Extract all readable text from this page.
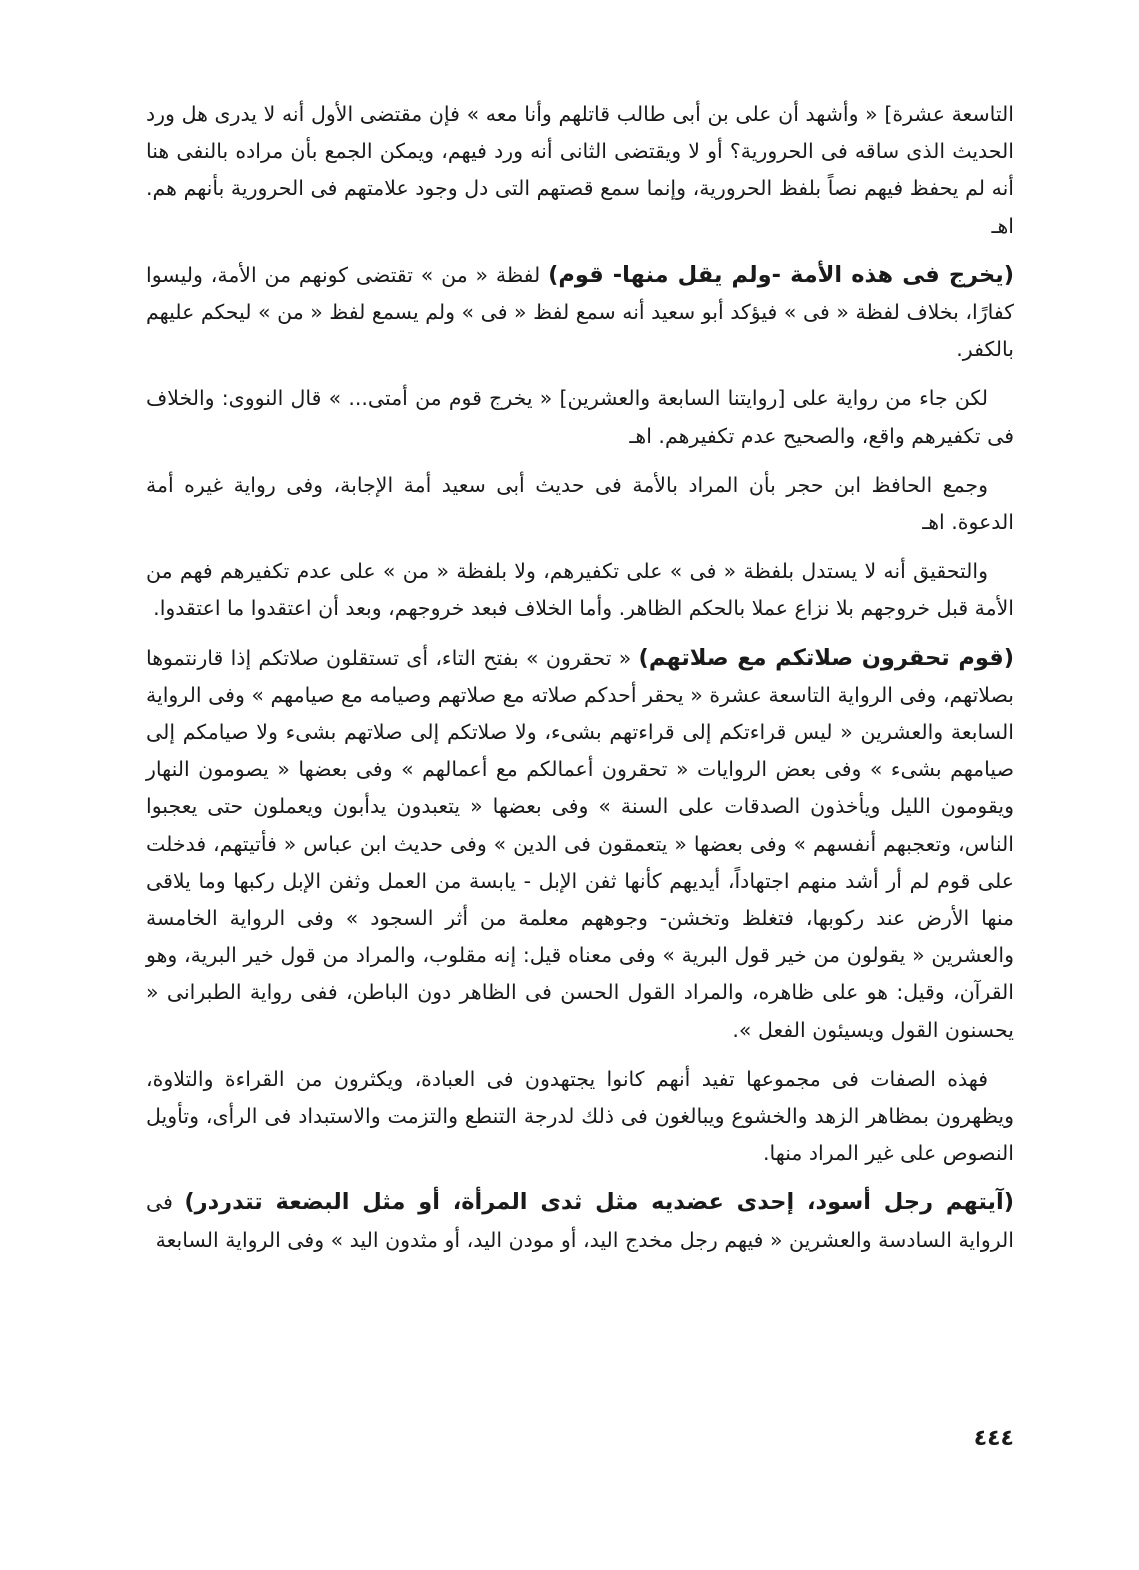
التاسعة عشرة] « وأشهد أن على بن أبى طالب قاتلهم وأنا معه » فإن مقتضى الأول أنه لا يدرى هل ورد الحديث الذى ساقه فى الحرورية؟ أو لا ويقتضى الثانى أنه ورد فيهم، ويمكن الجمع بأن مراده بالنفى هنا أنه لم يحفظ فيهم نصاً بلفظ الحرورية، وإنما سمع قصتهم التى دل وجود علامتهم فى الحرورية بأنهم هم. اهـ

(يخرج فى هذه الأمة -ولم يقل منها- قوم) لفظة « من » تقتضى كونهم من الأمة، وليسوا كفارًا، بخلاف لفظة « فى » فيؤكد أبو سعيد أنه سمع لفظ « فى » ولم يسمع لفظ « من » ليحكم عليهم بالكفر.

لكن جاء من رواية على [روايتنا السابعة والعشرين] « يخرج قوم من أمتى... » قال النووى: والخلاف فى تكفيرهم واقع، والصحيح عدم تكفيرهم. اهـ

وجمع الحافظ ابن حجر بأن المراد بالأمة فى حديث أبى سعيد أمة الإجابة، وفى رواية غيره أمة الدعوة. اهـ

والتحقيق أنه لا يستدل بلفظة « فى » على تكفيرهم، ولا بلفظة « من » على عدم تكفيرهم فهم من الأمة قبل خروجهم بلا نزاع عملا بالحكم الظاهر. وأما الخلاف فبعد خروجهم، وبعد أن اعتقدوا ما اعتقدوا.

(قوم تحقرون صلاتكم مع صلاتهم) « تحقرون » بفتح التاء، أى تستقلون صلاتكم إذا قارنتموها بصلاتهم، وفى الرواية التاسعة عشرة « يحقر أحدكم صلاته مع صلاتهم وصيامه مع صيامهم » وفى الرواية السابعة والعشرين « ليس قراءتكم إلى قراءتهم بشىء، ولا صلاتكم إلى صلاتهم بشىء ولا صيامكم إلى صيامهم بشىء » وفى بعض الروايات « تحقرون أعمالكم مع أعمالهم » وفى بعضها « يصومون النهار ويقومون الليل ويأخذون الصدقات على السنة » وفى بعضها « يتعبدون يدأبون ويعملون حتى يعجبوا الناس، وتعجبهم أنفسهم » وفى بعضها « يتعمقون فى الدين » وفى حديث ابن عباس « فأتيتهم، فدخلت على قوم لم أر أشد منهم اجتهاداً، أيديهم كأنها ثفن الإبل - يابسة من العمل وثفن الإبل ركبها وما يلاقى منها الأرض عند ركوبها، فتغلظ وتخشن- وجوههم معلمة من أثر السجود » وفى الرواية الخامسة والعشرين « يقولون من خير قول البرية » وفى معناه قيل: إنه مقلوب، والمراد من قول خير البرية، وهو القرآن، وقيل: هو على ظاهره، والمراد القول الحسن فى الظاهر دون الباطن، ففى رواية الطبرانى « يحسنون القول ويسيئون الفعل ».

فهذه الصفات فى مجموعها تفيد أنهم كانوا يجتهدون فى العبادة، ويكثرون من القراءة والتلاوة، ويظهرون بمظاهر الزهد والخشوع ويبالغون فى ذلك لدرجة التنطع والتزمت والاستبداد فى الرأى، وتأويل النصوص على غير المراد منها.

(آيتهم رجل أسود، إحدى عضديه مثل ثدى المرأة، أو مثل البضعة تتدردر) فى الرواية السادسة والعشرين « فيهم رجل مخدج اليد، أو مودن اليد، أو مثدون اليد » وفى الرواية السابعة

٤٤٤
